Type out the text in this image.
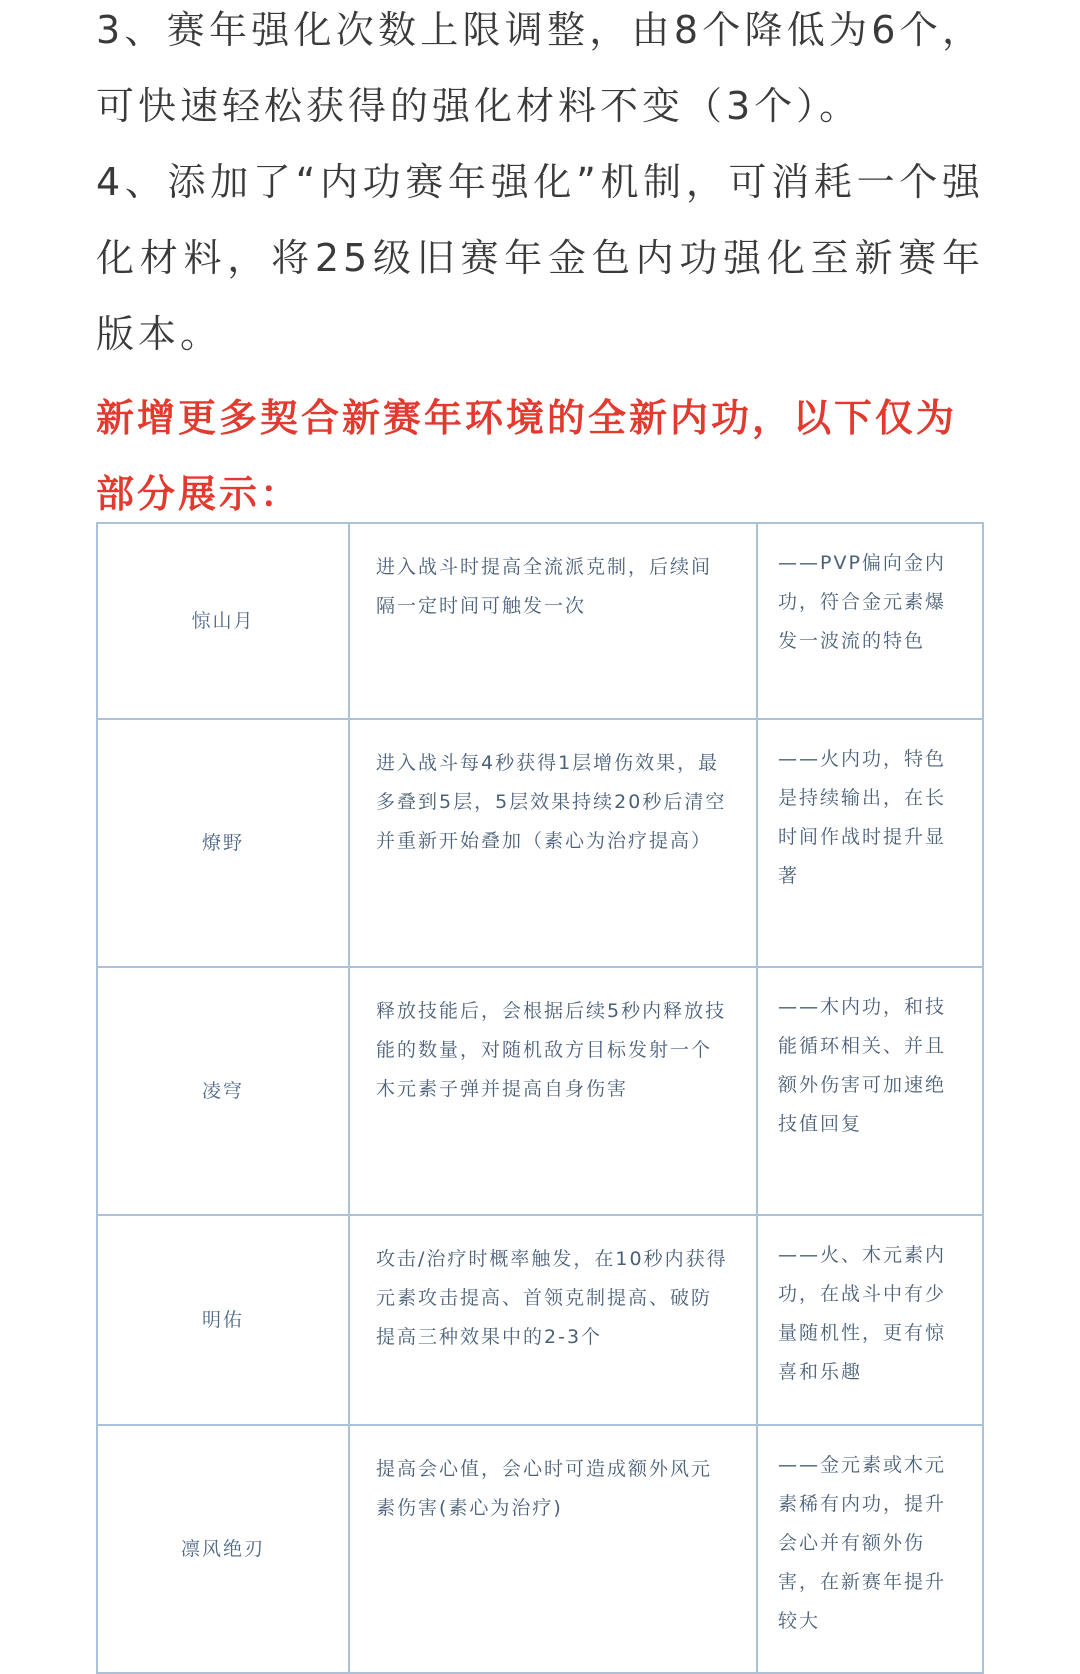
3、赛年强化次数上限调整，由8个降低为6个，可快速轻松获得的强化材料不变（3个）。

4、添加了“内功赛年强化”机制，可消耗一个强化材料，将25级旧赛年金色内功强化至新赛年版本。

新增更多契合新赛年环境的全新内功，以下仅为部分展示：

惊山月	进入战斗时提高全流派克制，后续间隔一定时间可触发一次	——PVP偏向金内功，符合金元素爆发一波流的特色
燎野	进入战斗每4秒获得1层增伤效果，最多叠到5层，5层效果持续20秒后清空并重新开始叠加（素心为治疗提高）	——火内功，特色是持续输出，在长时间作战时提升显著
凌穹	释放技能后，会根据后续5秒内释放技能的数量，对随机敌方目标发射一个木元素子弹并提高自身伤害	——木内功，和技能循环相关、并且额外伤害可加速绝技值回复
明佑	攻击/治疗时概率触发，在10秒内获得元素攻击提高、首领克制提高、破防提高三种效果中的2-3个	——火、木元素内功，在战斗中有少量随机性，更有惊喜和乐趣
凛风绝刃	提高会心值，会心时可造成额外风元素伤害(素心为治疗)	——金元素或木元素稀有内功，提升会心并有额外伤害，在新赛年提升较大
